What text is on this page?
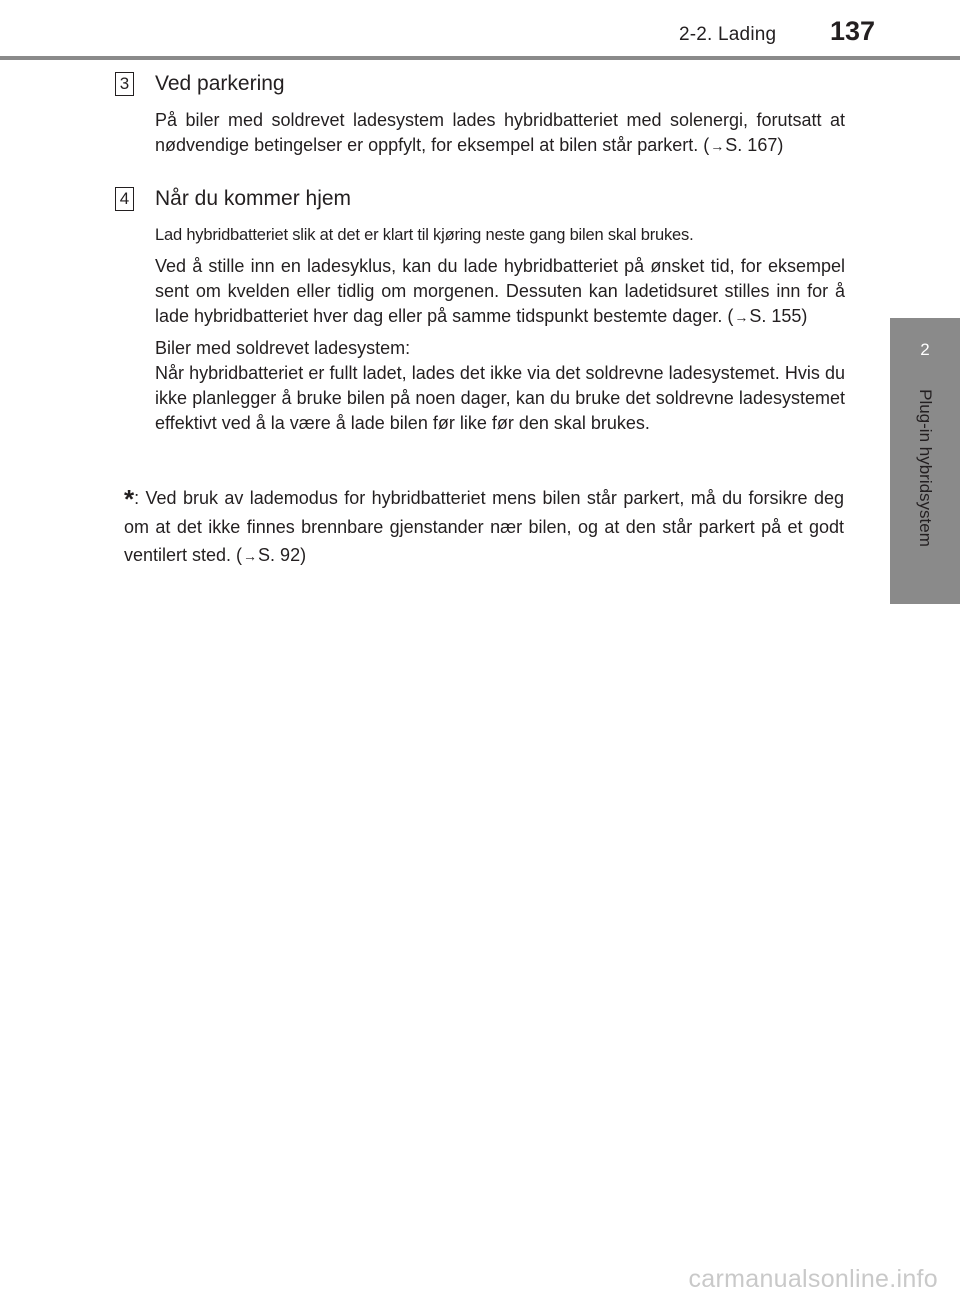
2-2. Lading 137
2
Plug-in hybridsystem
3 Ved parkering
På biler med soldrevet ladesystem lades hybridbatteriet med solenergi, forutsatt at nødvendige betingelser er oppfylt, for eksempel at bilen står parkert. (→S. 167)
4 Når du kommer hjem
Lad hybridbatteriet slik at det er klart til kjøring neste gang bilen skal brukes.
Ved å stille inn en ladesyklus, kan du lade hybridbatteriet på ønsket tid, for eksempel sent om kvelden eller tidlig om morgenen. Dessuten kan ladetidsuret stilles inn for å lade hybridbatteriet hver dag eller på samme tidspunkt bestemte dager. (→S. 155)
Biler med soldrevet ladesystem:
Når hybridbatteriet er fullt ladet, lades det ikke via det soldrevne ladesystemet. Hvis du ikke planlegger å bruke bilen på noen dager, kan du bruke det soldrevne ladesystemet effektivt ved å la være å lade bilen før like før den skal brukes.
*: Ved bruk av lademodus for hybridbatteriet mens bilen står parkert, må du forsikre deg om at det ikke finnes brennbare gjenstander nær bilen, og at den står parkert på et godt ventilert sted. (→S. 92)
carmanualsonline.info
